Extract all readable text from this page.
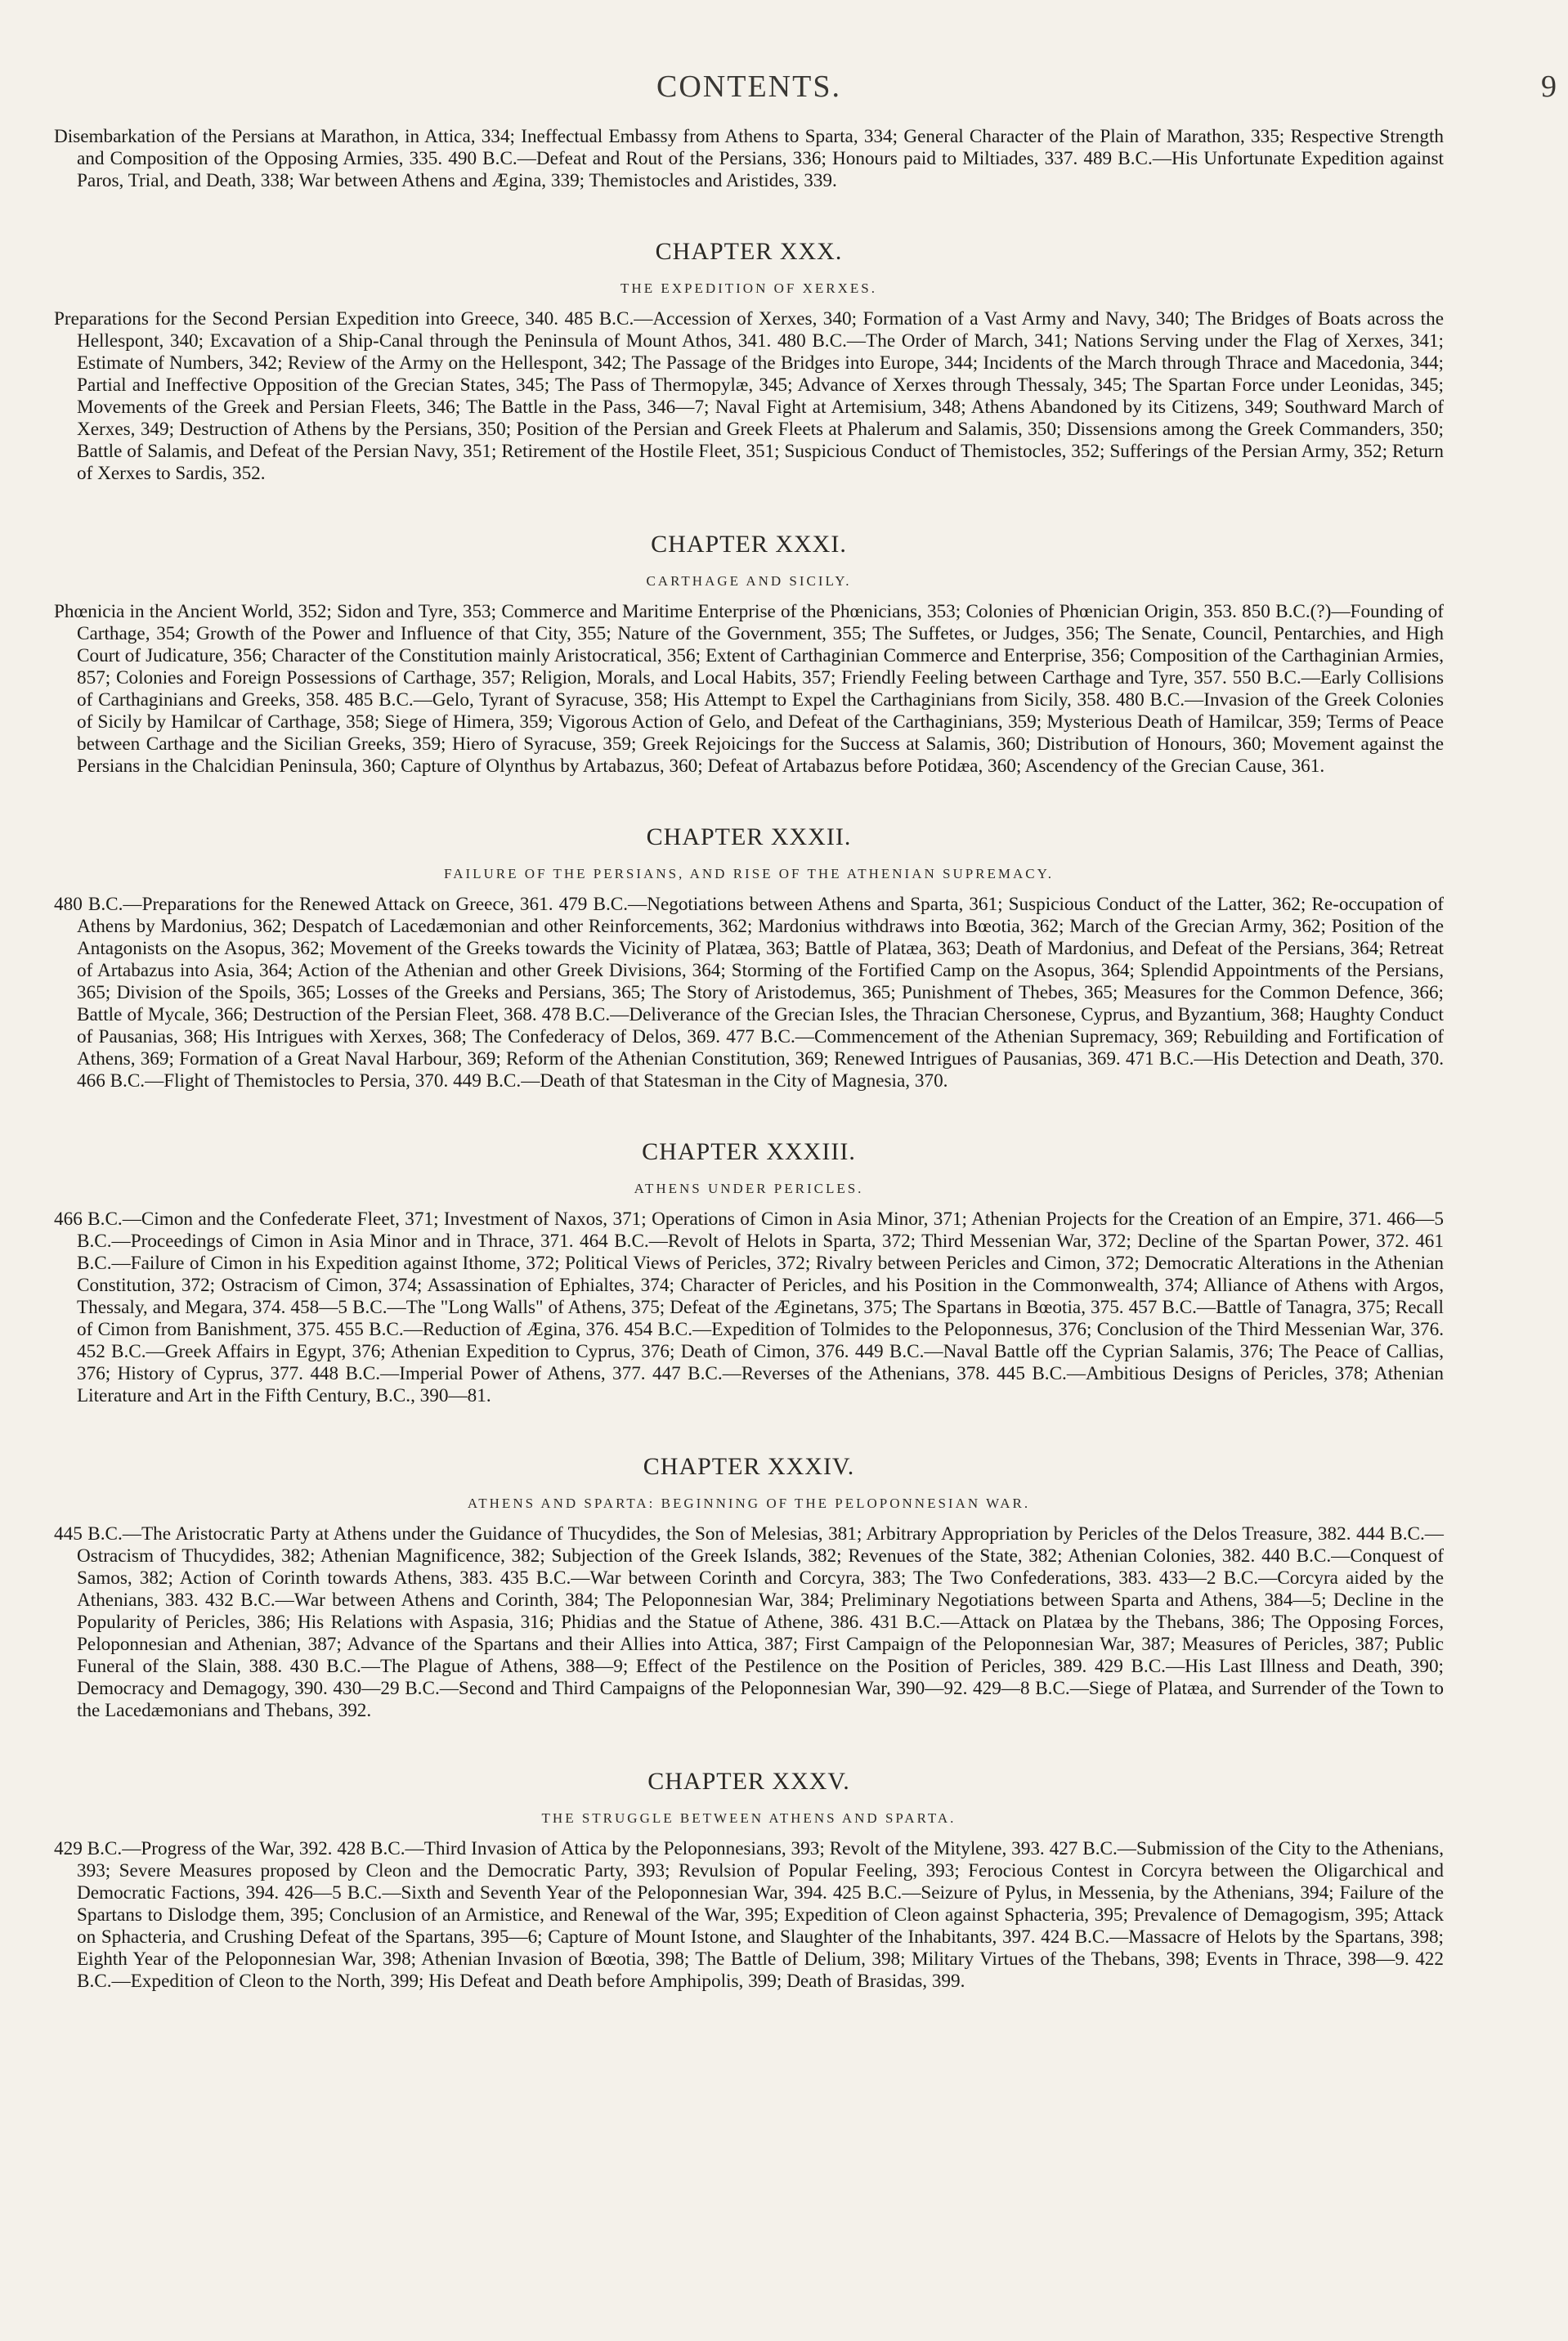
CONTENTS.	9

Disembarkation of the Persians at Marathon, in Attica, 334; Ineffectual Embassy from Athens to Sparta, 334; General Character of the Plain of Marathon, 335; Respective Strength and Composition of the Opposing Armies, 335. 490 B.C.—Defeat and Rout of the Persians, 336; Honours paid to Miltiades, 337. 489 B.C.—His Unfortunate Expedition against Paros, Trial, and Death, 338; War between Athens and Ægina, 339; Themistocles and Aristides, 339.

CHAPTER XXX.
THE EXPEDITION OF XERXES.

Preparations for the Second Persian Expedition into Greece, 340. 485 B.C.—Accession of Xerxes, 340; Formation of a Vast Army and Navy, 340; The Bridges of Boats across the Hellespont, 340; Excavation of a Ship-Canal through the Peninsula of Mount Athos, 341. 480 B.C.—The Order of March, 341; Nations Serving under the Flag of Xerxes, 341; Estimate of Numbers, 342; Review of the Army on the Hellespont, 342; The Passage of the Bridges into Europe, 344; Incidents of the March through Thrace and Macedonia, 344; Partial and Ineffective Opposition of the Grecian States, 345; The Pass of Thermopylæ, 345; Advance of Xerxes through Thessaly, 345; The Spartan Force under Leonidas, 345; Movements of the Greek and Persian Fleets, 346; The Battle in the Pass, 346—7; Naval Fight at Artemisium, 348; Athens Abandoned by its Citizens, 349; Southward March of Xerxes, 349; Destruction of Athens by the Persians, 350; Position of the Persian and Greek Fleets at Phalerum and Salamis, 350; Dissensions among the Greek Commanders, 350; Battle of Salamis, and Defeat of the Persian Navy, 351; Retirement of the Hostile Fleet, 351; Suspicious Conduct of Themistocles, 352; Sufferings of the Persian Army, 352; Return of Xerxes to Sardis, 352.

CHAPTER XXXI.
CARTHAGE AND SICILY.

Phœnicia in the Ancient World, 352; Sidon and Tyre, 353; Commerce and Maritime Enterprise of the Phœnicians, 353; Colonies of Phœnician Origin, 353. 850 B.C.(?)—Founding of Carthage, 354; Growth of the Power and Influence of that City, 355; Nature of the Government, 355; The Suffetes, or Judges, 356; The Senate, Council, Pentarchies, and High Court of Judicature, 356; Character of the Constitution mainly Aristocratical, 356; Extent of Carthaginian Commerce and Enterprise, 356; Composition of the Carthaginian Armies, 857; Colonies and Foreign Possessions of Carthage, 357; Religion, Morals, and Local Habits, 357; Friendly Feeling between Carthage and Tyre, 357. 550 B.C.—Early Collisions of Carthaginians and Greeks, 358. 485 B.C.—Gelo, Tyrant of Syracuse, 358; His Attempt to Expel the Carthaginians from Sicily, 358. 480 B.C.—Invasion of the Greek Colonies of Sicily by Hamilcar of Carthage, 358; Siege of Himera, 359; Vigorous Action of Gelo, and Defeat of the Carthaginians, 359; Mysterious Death of Hamilcar, 359; Terms of Peace between Carthage and the Sicilian Greeks, 359; Hiero of Syracuse, 359; Greek Rejoicings for the Success at Salamis, 360; Distribution of Honours, 360; Movement against the Persians in the Chalcidian Peninsula, 360; Capture of Olynthus by Artabazus, 360; Defeat of Artabazus before Potidæa, 360; Ascendency of the Grecian Cause, 361.

CHAPTER XXXII.
FAILURE OF THE PERSIANS, AND RISE OF THE ATHENIAN SUPREMACY.

480 B.C.—Preparations for the Renewed Attack on Greece, 361. 479 B.C.—Negotiations between Athens and Sparta, 361; Suspicious Conduct of the Latter, 362; Re-occupation of Athens by Mardonius, 362; Despatch of Lacedæmonian and other Reinforcements, 362; Mardonius withdraws into Bœotia, 362; March of the Grecian Army, 362; Position of the Antagonists on the Asopus, 362; Movement of the Greeks towards the Vicinity of Platæa, 363; Battle of Platæa, 363; Death of Mardonius, and Defeat of the Persians, 364; Retreat of Artabazus into Asia, 364; Action of the Athenian and other Greek Divisions, 364; Storming of the Fortified Camp on the Asopus, 364; Splendid Appointments of the Persians, 365; Division of the Spoils, 365; Losses of the Greeks and Persians, 365; The Story of Aristodemus, 365; Punishment of Thebes, 365; Measures for the Common Defence, 366; Battle of Mycale, 366; Destruction of the Persian Fleet, 368. 478 B.C.—Deliverance of the Grecian Isles, the Thracian Chersonese, Cyprus, and Byzantium, 368; Haughty Conduct of Pausanias, 368; His Intrigues with Xerxes, 368; The Confederacy of Delos, 369. 477 B.C.—Commencement of the Athenian Supremacy, 369; Rebuilding and Fortification of Athens, 369; Formation of a Great Naval Harbour, 369; Reform of the Athenian Constitution, 369; Renewed Intrigues of Pausanias, 369. 471 B.C.—His Detection and Death, 370. 466 B.C.—Flight of Themistocles to Persia, 370. 449 B.C.—Death of that Statesman in the City of Magnesia, 370.

CHAPTER XXXIII.
ATHENS UNDER PERICLES.

466 B.C.—Cimon and the Confederate Fleet, 371; Investment of Naxos, 371; Operations of Cimon in Asia Minor, 371; Athenian Projects for the Creation of an Empire, 371. 466—5 B.C.—Proceedings of Cimon in Asia Minor and in Thrace, 371. 464 B.C.—Revolt of Helots in Sparta, 372; Third Messenian War, 372; Decline of the Spartan Power, 372. 461 B.C.—Failure of Cimon in his Expedition against Ithome, 372; Political Views of Pericles, 372; Rivalry between Pericles and Cimon, 372; Democratic Alterations in the Athenian Constitution, 372; Ostracism of Cimon, 374; Assassination of Ephialtes, 374; Character of Pericles, and his Position in the Commonwealth, 374; Alliance of Athens with Argos, Thessaly, and Megara, 374. 458—5 B.C.—The "Long Walls" of Athens, 375; Defeat of the Æginetans, 375; The Spartans in Bœotia, 375. 457 B.C.—Battle of Tanagra, 375; Recall of Cimon from Banishment, 375. 455 B.C.—Reduction of Ægina, 376. 454 B.C.—Expedition of Tolmides to the Peloponnesus, 376; Conclusion of the Third Messenian War, 376. 452 B.C.—Greek Affairs in Egypt, 376; Athenian Expedition to Cyprus, 376; Death of Cimon, 376. 449 B.C.—Naval Battle off the Cyprian Salamis, 376; The Peace of Callias, 376; History of Cyprus, 377. 448 B.C.—Imperial Power of Athens, 377. 447 B.C.—Reverses of the Athenians, 378. 445 B.C.—Ambitious Designs of Pericles, 378; Athenian Literature and Art in the Fifth Century, B.C., 390—81.

CHAPTER XXXIV.
ATHENS AND SPARTA: BEGINNING OF THE PELOPONNESIAN WAR.

445 B.C.—The Aristocratic Party at Athens under the Guidance of Thucydides, the Son of Melesias, 381; Arbitrary Appropriation by Pericles of the Delos Treasure, 382. 444 B.C.—Ostracism of Thucydides, 382; Athenian Magnificence, 382; Subjection of the Greek Islands, 382; Revenues of the State, 382; Athenian Colonies, 382. 440 B.C.—Conquest of Samos, 382; Action of Corinth towards Athens, 383. 435 B.C.—War between Corinth and Corcyra, 383; The Two Confederations, 383. 433—2 B.C.—Corcyra aided by the Athenians, 383. 432 B.C.—War between Athens and Corinth, 384; The Peloponnesian War, 384; Preliminary Negotiations between Sparta and Athens, 384—5; Decline in the Popularity of Pericles, 386; His Relations with Aspasia, 316; Phidias and the Statue of Athene, 386. 431 B.C.—Attack on Platæa by the Thebans, 386; The Opposing Forces, Peloponnesian and Athenian, 387; Advance of the Spartans and their Allies into Attica, 387; First Campaign of the Peloponnesian War, 387; Measures of Pericles, 387; Public Funeral of the Slain, 388. 430 B.C.—The Plague of Athens, 388—9; Effect of the Pestilence on the Position of Pericles, 389. 429 B.C.—His Last Illness and Death, 390; Democracy and Demagogy, 390. 430—29 B.C.—Second and Third Campaigns of the Peloponnesian War, 390—92. 429—8 B.C.—Siege of Platæa, and Surrender of the Town to the Lacedæmonians and Thebans, 392.

CHAPTER XXXV.
THE STRUGGLE BETWEEN ATHENS AND SPARTA.

429 B.C.—Progress of the War, 392. 428 B.C.—Third Invasion of Attica by the Peloponnesians, 393; Revolt of the Mitylene, 393. 427 B.C.—Submission of the City to the Athenians, 393; Severe Measures proposed by Cleon and the Democratic Party, 393; Revulsion of Popular Feeling, 393; Ferocious Contest in Corcyra between the Oligarchical and Democratic Factions, 394. 426—5 B.C.—Sixth and Seventh Year of the Peloponnesian War, 394. 425 B.C.—Seizure of Pylus, in Messenia, by the Athenians, 394; Failure of the Spartans to Dislodge them, 395; Conclusion of an Armistice, and Renewal of the War, 395; Expedition of Cleon against Sphacteria, 395; Prevalence of Demagogism, 395; Attack on Sphacteria, and Crushing Defeat of the Spartans, 395—6; Capture of Mount Istone, and Slaughter of the Inhabitants, 397. 424 B.C.—Massacre of Helots by the Spartans, 398; Eighth Year of the Peloponnesian War, 398; Athenian Invasion of Bœotia, 398; The Battle of Delium, 398; Military Virtues of the Thebans, 398; Events in Thrace, 398—9. 422 B.C.—Expedition of Cleon to the North, 399; His Defeat and Death before Amphipolis, 399; Death of Brasidas, 399.
